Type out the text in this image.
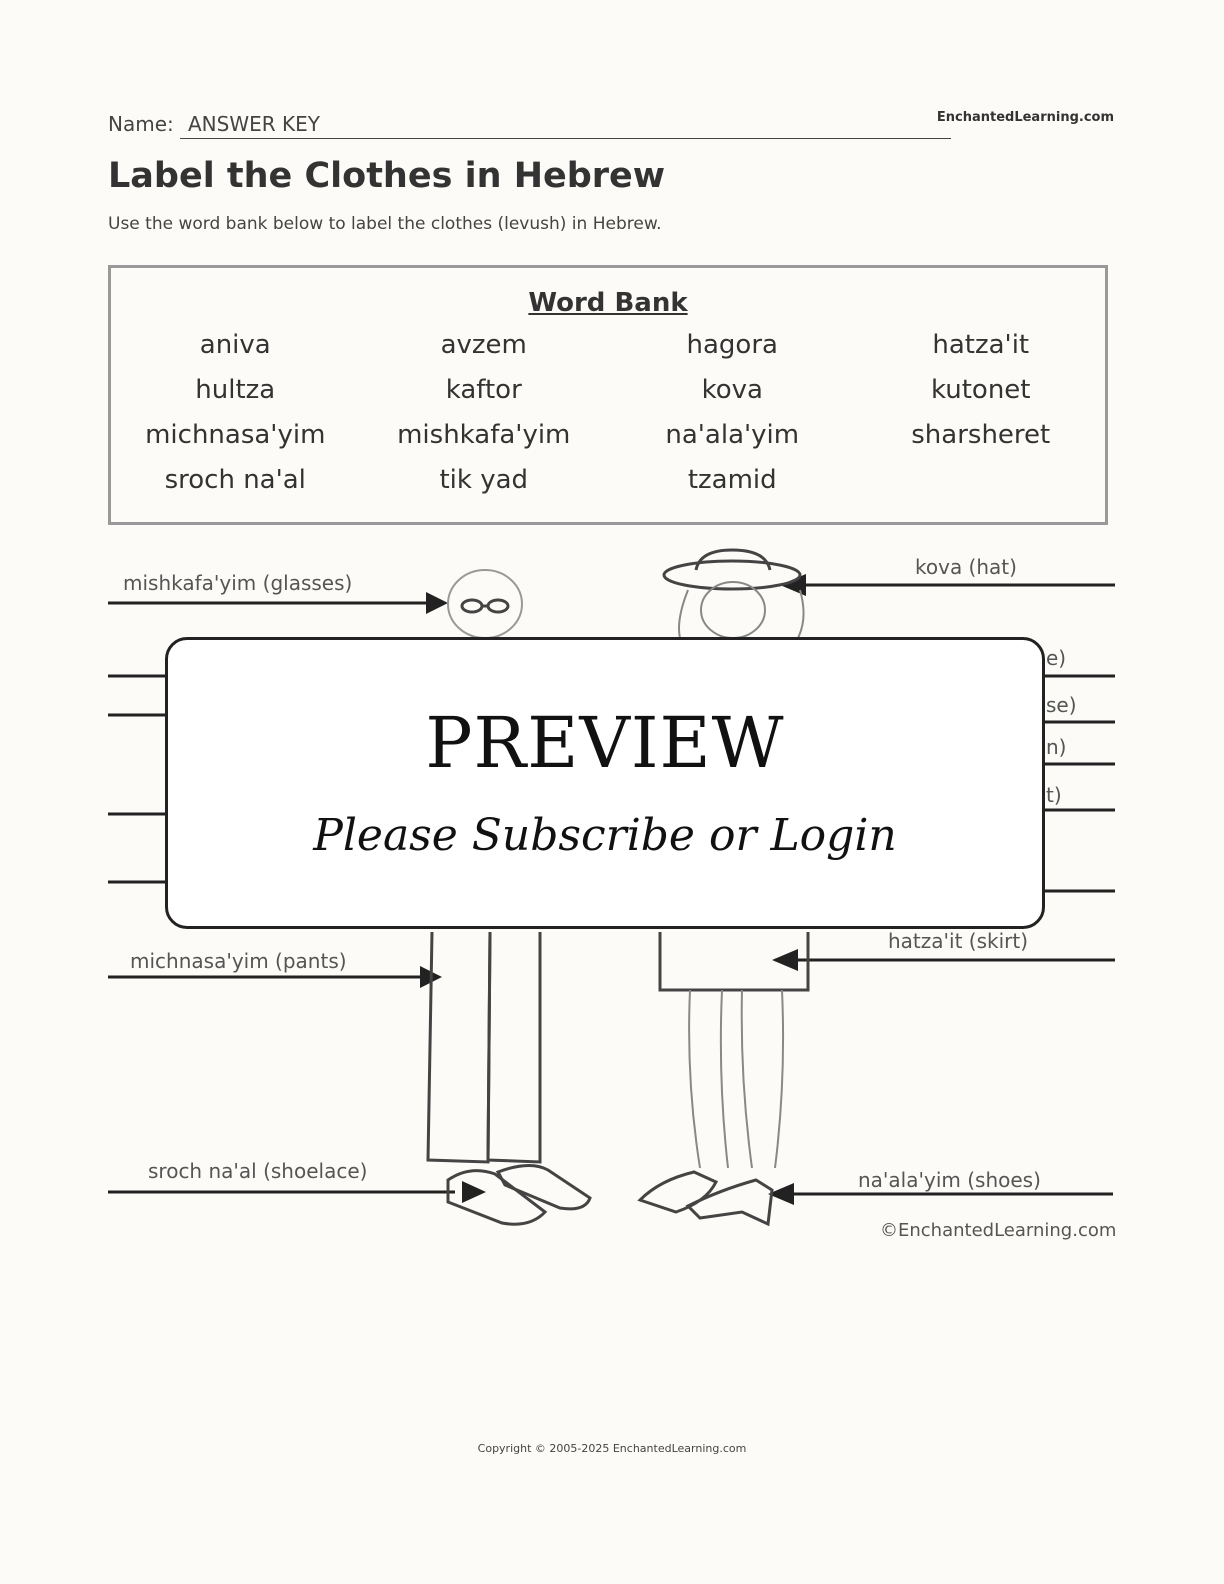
Name: ANSWER KEY	EnchantedLearning.com
Label the Clothes in Hebrew
Use the word bank below to label the clothes (levush) in Hebrew.
Word Bank
aniva	avzem	hagora	hatza'it
hultza	kaftor	kova	kutonet
michnasa'yim	mishkafa'yim	na'ala'yim	sharsheret
sroch na'al	tik yad	tzamid
mishkafa'yim (glasses)
kova (hat)
michnasa'yim (pants)
hatza'it (skirt)
sroch na'al (shoelace)	na'ala'yim (shoes)
e)
se)
n)
t)
©EnchantedLearning.com
PREVIEW
Please Subscribe or Login
Copyright © 2005-2025 EnchantedLearning.com
